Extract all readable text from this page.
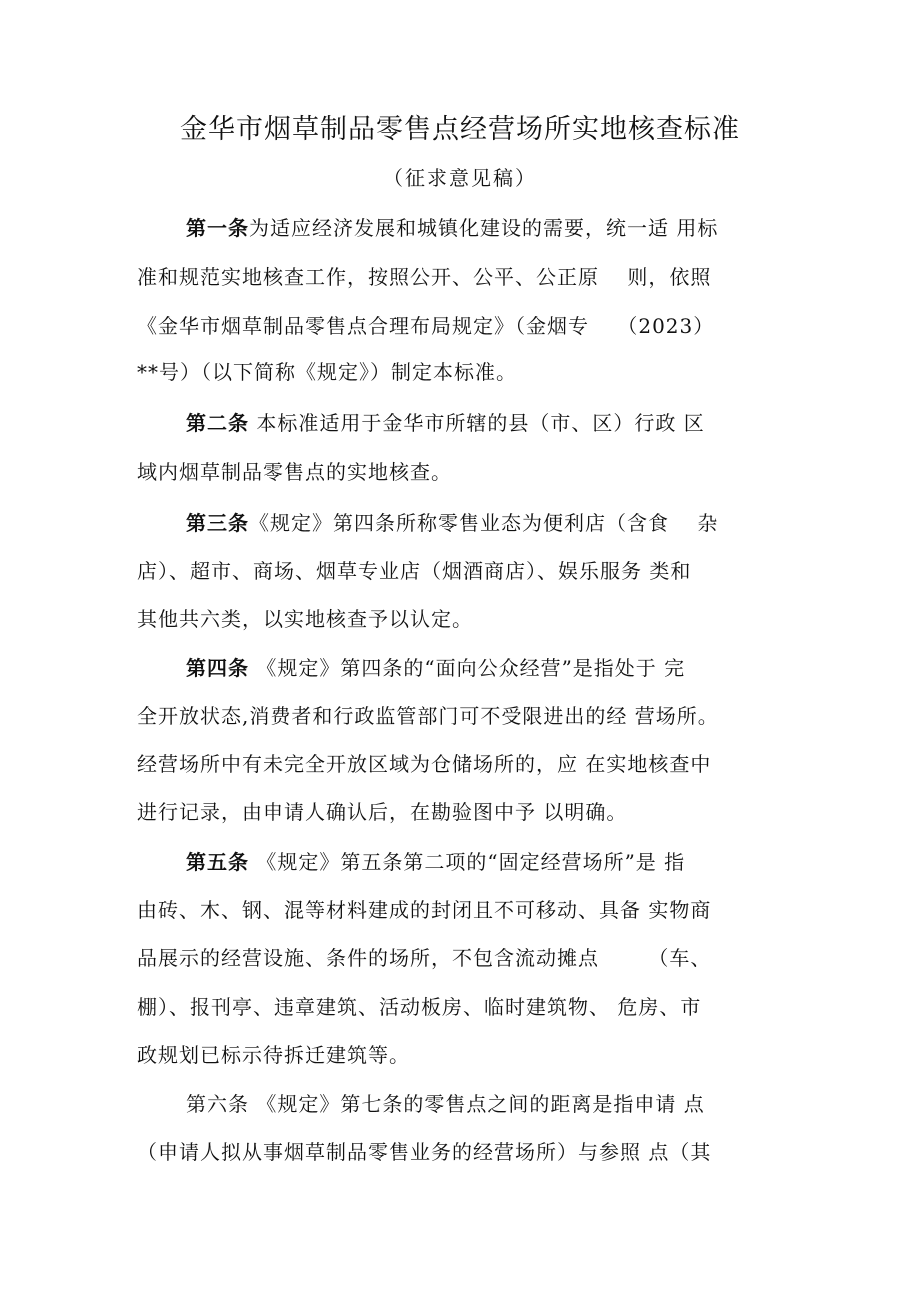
金华市烟草制品零售点经营场所实地核查标准

（征求意见稿）

第一条为适应经济发展和城镇化建设的需要，统一适 用标
准和规范实地核查工作，按照公开、公平、公正原　 则，依照
《金华市烟草制品零售点合理布局规定》（金烟专　 （2023）
**号）（以下简称《规定》）制定本标准。
第二条 本标准适用于金华市所辖的县（市、区）行政 区
域内烟草制品零售点的实地核查。
第三条《规定》第四条所称零售业态为便利店（含食　 杂
店）、超市、商场、烟草专业店（烟酒商店）、娱乐服务 类和
其他共六类，以实地核查予以认定。
第四条 《规定》第四条的“面向公众经营”是指处于 完
全开放状态,消费者和行政监管部门可不受限进出的经 营场所。
经营场所中有未完全开放区域为仓储场所的，应 在实地核查中
进行记录，由申请人确认后，在勘验图中予 以明确。
第五条 《规定》第五条第二项的“固定经营场所”是 指
由砖、木、钢、混等材料建成的封闭且不可移动、具备 实物商
品展示的经营设施、条件的场所，不包含流动摊点　　 （车、
棚）、报刊亭、违章建筑、活动板房、临时建筑物、 危房、市
政规划已标示待拆迁建筑等。
第六条 《规定》第七条的零售点之间的距离是指申请 点
（申请人拟从事烟草制品零售业务的经营场所）与参照 点（其
